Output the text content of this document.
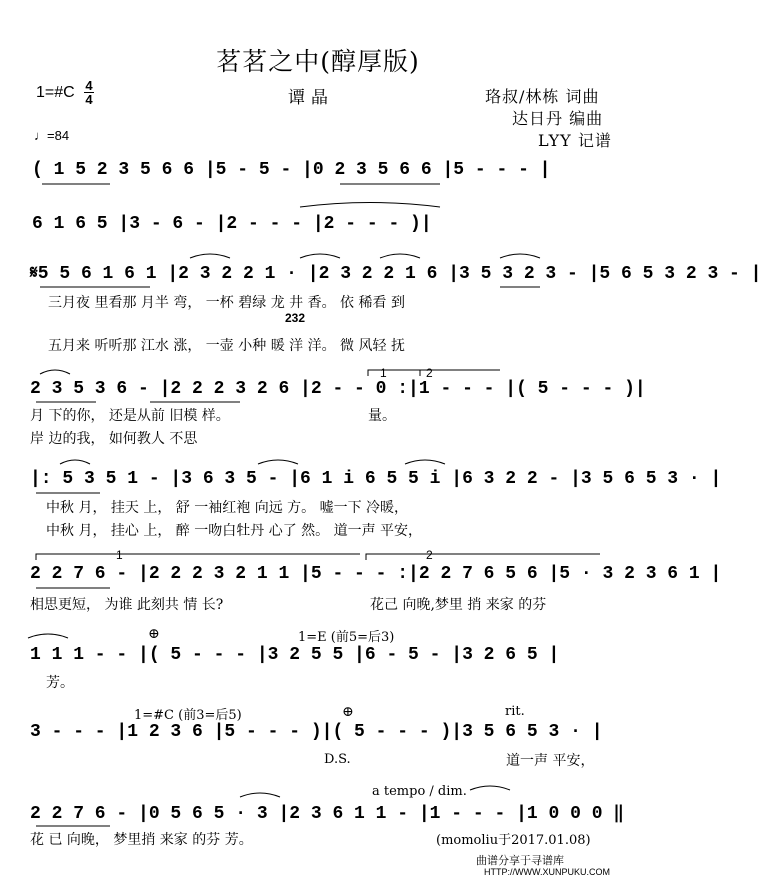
茗茗之中(醇厚版)
1=#C 4
4	谭晶	珞叔/林栋 词曲
达日丹 编曲
LYY 记谱
♩=84
( 1 5 2 3 5 6 6 |5 - 5 - |0 2 3 5 6 6 |5 - - - |
6 1 6 5 |3 - 6 - |2 - - - |2 - - - )|
𝄋5 5 6 1 6 1 |2 3 2 2 1 · |2 3 2 2 1 6 |3 5 3 2 3 - |5 6 5 3 2 3 - |
三月夜 里看那 月半 弯， 一杯 碧绿 龙 井 香。 依 稀看 到
232
五月来 听听那 江水 涨， 一壶 小种 暖 洋 洋。 微 风轻 抚
2 3 5 3 6 - |2 2 2 3 2 6 |2 - - 0 :|1 - - - |( 5 - - - )|
1	2
月 下的你， 还是从前 旧模 样。
岸 边的我， 如何教人 不思
量。
|: 5 3 5 1 - |3 6 3 5 - |6 1 i 6 5 5 i |6 3 2 2 - |3 5 6 5 3 · |
中秋 月， 挂天 上， 舒 一袖红袍 向远 方。 嘘一下 冷暖，
中秋 月， 挂心 上， 醉 一吻白牡丹 心了 然。 道一声 平安，
1	2
2 2 7 6 - |2 2 2 3 2 1 1 |5 - - - :|2 2 7 6 5 6 |5 · 3 2 3 6 1 |
相思更短， 为谁 此刻共 情 长?	花己 向晚,梦里 捎 来家 的芬
1=E (前5=后3)
⊕
1 1 1 - - |( 5 - - - |3 2 5 5 |6 - 5 - |3 2 6 5 |
芳。
1=#C (前3=后5)	⊕	rit.
3 - - - |1 2 3 6 |5 - - - )|( 5 - - - )|3 5 6 5 3 · |
D.S.	道一声 平安，
a tempo / dim.
2 2 7 6 - |0 5 6 5 · 3 |2 3 6 1 1 - |1 - - - |1 0 0 0 ‖
花 已 向晚， 梦里捎 来家 的芬 芳。	(momoliu于2017.01.08)
曲谱分享于寻谱库
HTTP://WWW.XUNPUKU.COM
